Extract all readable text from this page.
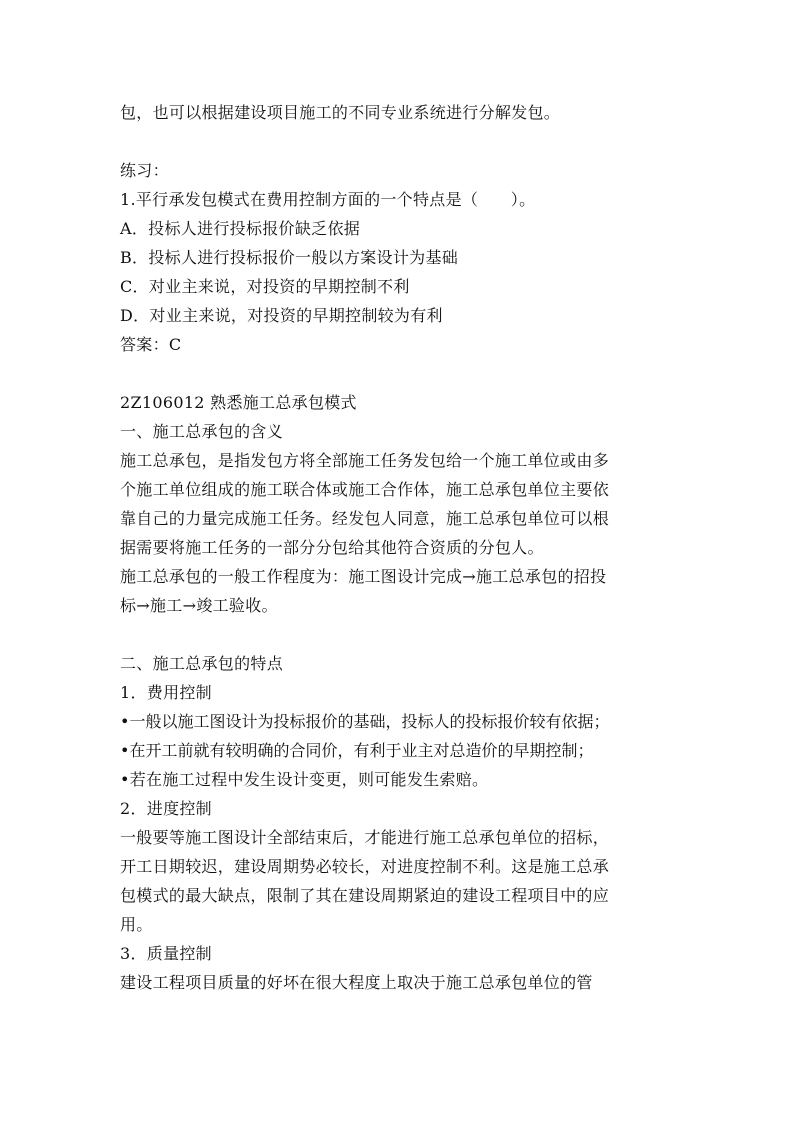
包，也可以根据建设项目施工的不同专业系统进行分解发包。
练习：
1.平行承发包模式在费用控制方面的一个特点是（　　）。
A．投标人进行投标报价缺乏依据
B．投标人进行投标报价一般以方案设计为基础
C．对业主来说，对投资的早期控制不利
D．对业主来说，对投资的早期控制较为有利
答案：C
2Z106012 熟悉施工总承包模式
一、施工总承包的含义
施工总承包，是指发包方将全部施工任务发包给一个施工单位或由多
个施工单位组成的施工联合体或施工合作体，施工总承包单位主要依
靠自己的力量完成施工任务。经发包人同意，施工总承包单位可以根
据需要将施工任务的一部分分包给其他符合资质的分包人。
施工总承包的一般工作程度为：施工图设计完成→施工总承包的招投
标→施工→竣工验收。
二、施工总承包的特点
1．费用控制
•一般以施工图设计为投标报价的基础，投标人的投标报价较有依据；
•在开工前就有较明确的合同价，有利于业主对总造价的早期控制；
•若在施工过程中发生设计变更，则可能发生索赔。
2．进度控制
一般要等施工图设计全部结束后，才能进行施工总承包单位的招标，
开工日期较迟，建设周期势必较长，对进度控制不利。这是施工总承
包模式的最大缺点，限制了其在建设周期紧迫的建设工程项目中的应
用。
3．质量控制
建设工程项目质量的好坏在很大程度上取决于施工总承包单位的管
